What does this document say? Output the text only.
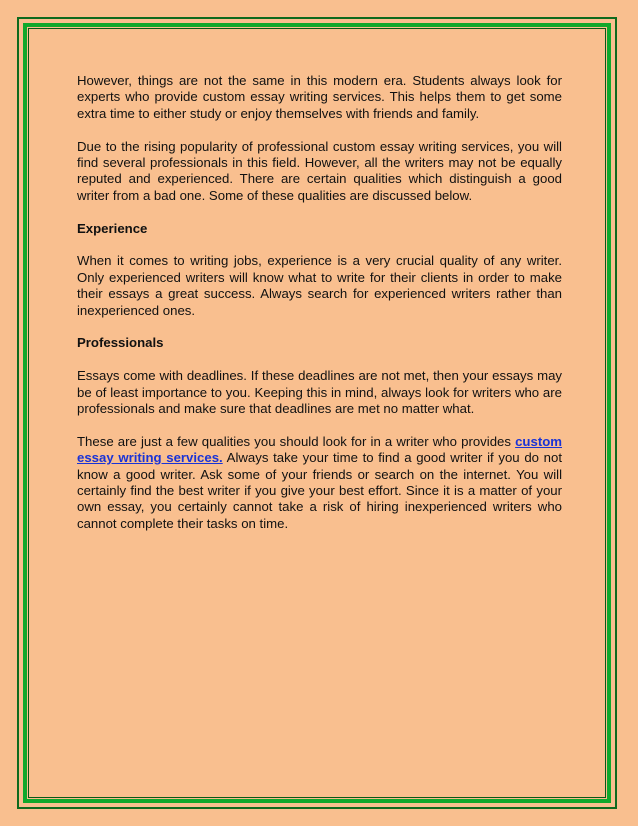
However, things are not the same in this modern era. Students always look for experts who provide custom essay writing services. This helps them to get some extra time to either study or enjoy themselves with friends and family.

Due to the rising popularity of professional custom essay writing services, you will find several professionals in this field. However, all the writers may not be equally reputed and experienced. There are certain qualities which distinguish a good writer from a bad one. Some of these qualities are discussed below.

Experience

When it comes to writing jobs, experience is a very crucial quality of any writer. Only experienced writers will know what to write for their clients in order to make their essays a great success. Always search for experienced writers rather than inexperienced ones.

Professionals

Essays come with deadlines. If these deadlines are not met, then your essays may be of least importance to you. Keeping this in mind, always look for writers who are professionals and make sure that deadlines are met no matter what.

These are just a few qualities you should look for in a writer who provides custom essay writing services. Always take your time to find a good writer if you do not know a good writer. Ask some of your friends or search on the internet. You will certainly find the best writer if you give your best effort. Since it is a matter of your own essay, you certainly cannot take a risk of hiring inexperienced writers who cannot complete their tasks on time.
